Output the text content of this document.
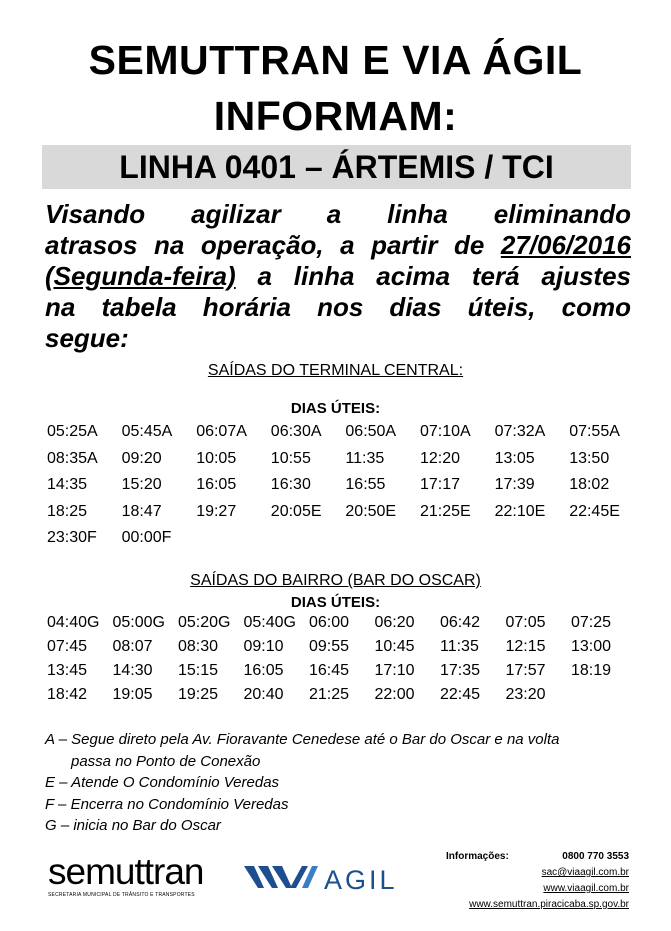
SEMUTTRAN E VIA ÁGIL
INFORMAM:
LINHA 0401 – ÁRTEMIS / TCI
Visando agilizar a linha eliminando
atrasos na operação, a partir de 27/06/2016
(Segunda-feira) a linha acima terá ajustes
na tabela horária nos dias úteis, como
segue:
SAÍDAS DO TERMINAL CENTRAL:
DIAS ÚTEIS:
05:25A 05:45A 06:07A 06:30A 06:50A 07:10A 07:32A 07:55A
08:35A 09:20 10:05 10:55 11:35 12:20 13:05 13:50
14:35 15:20 16:05 16:30 16:55 17:17 17:39 18:02
18:25 18:47 19:27 20:05E 20:50E 21:25E 22:10E 22:45E
23:30F 00:00F
SAÍDAS DO BAIRRO (BAR DO OSCAR)
DIAS ÚTEIS:
04:40G 05:00G 05:20G 05:40G 06:00 06:20 06:42 07:05 07:25
07:45 08:07 08:30 09:10 09:55 10:45 11:35 12:15 13:00
13:45 14:30 15:15 16:05 16:45 17:10 17:35 17:57 18:19
18:42 19:05 19:25 20:40 21:25 22:00 22:45 23:20
A – Segue direto pela Av. Fioravante Cenedese até o Bar do Oscar e na volta
passa no Ponto de Conexão
E – Atende O Condomínio Veredas
F – Encerra no Condomínio Veredas
G – inicia no Bar do Oscar
semuttran
SECRETARIA MUNICIPAL DE TRÂNSITO E TRANSPORTES	AGIL
Informações:	0800 770 3553
sac@viaagil.com.br
www.viaagil.com.br
www.semuttran.piracicaba.sp.gov.br
